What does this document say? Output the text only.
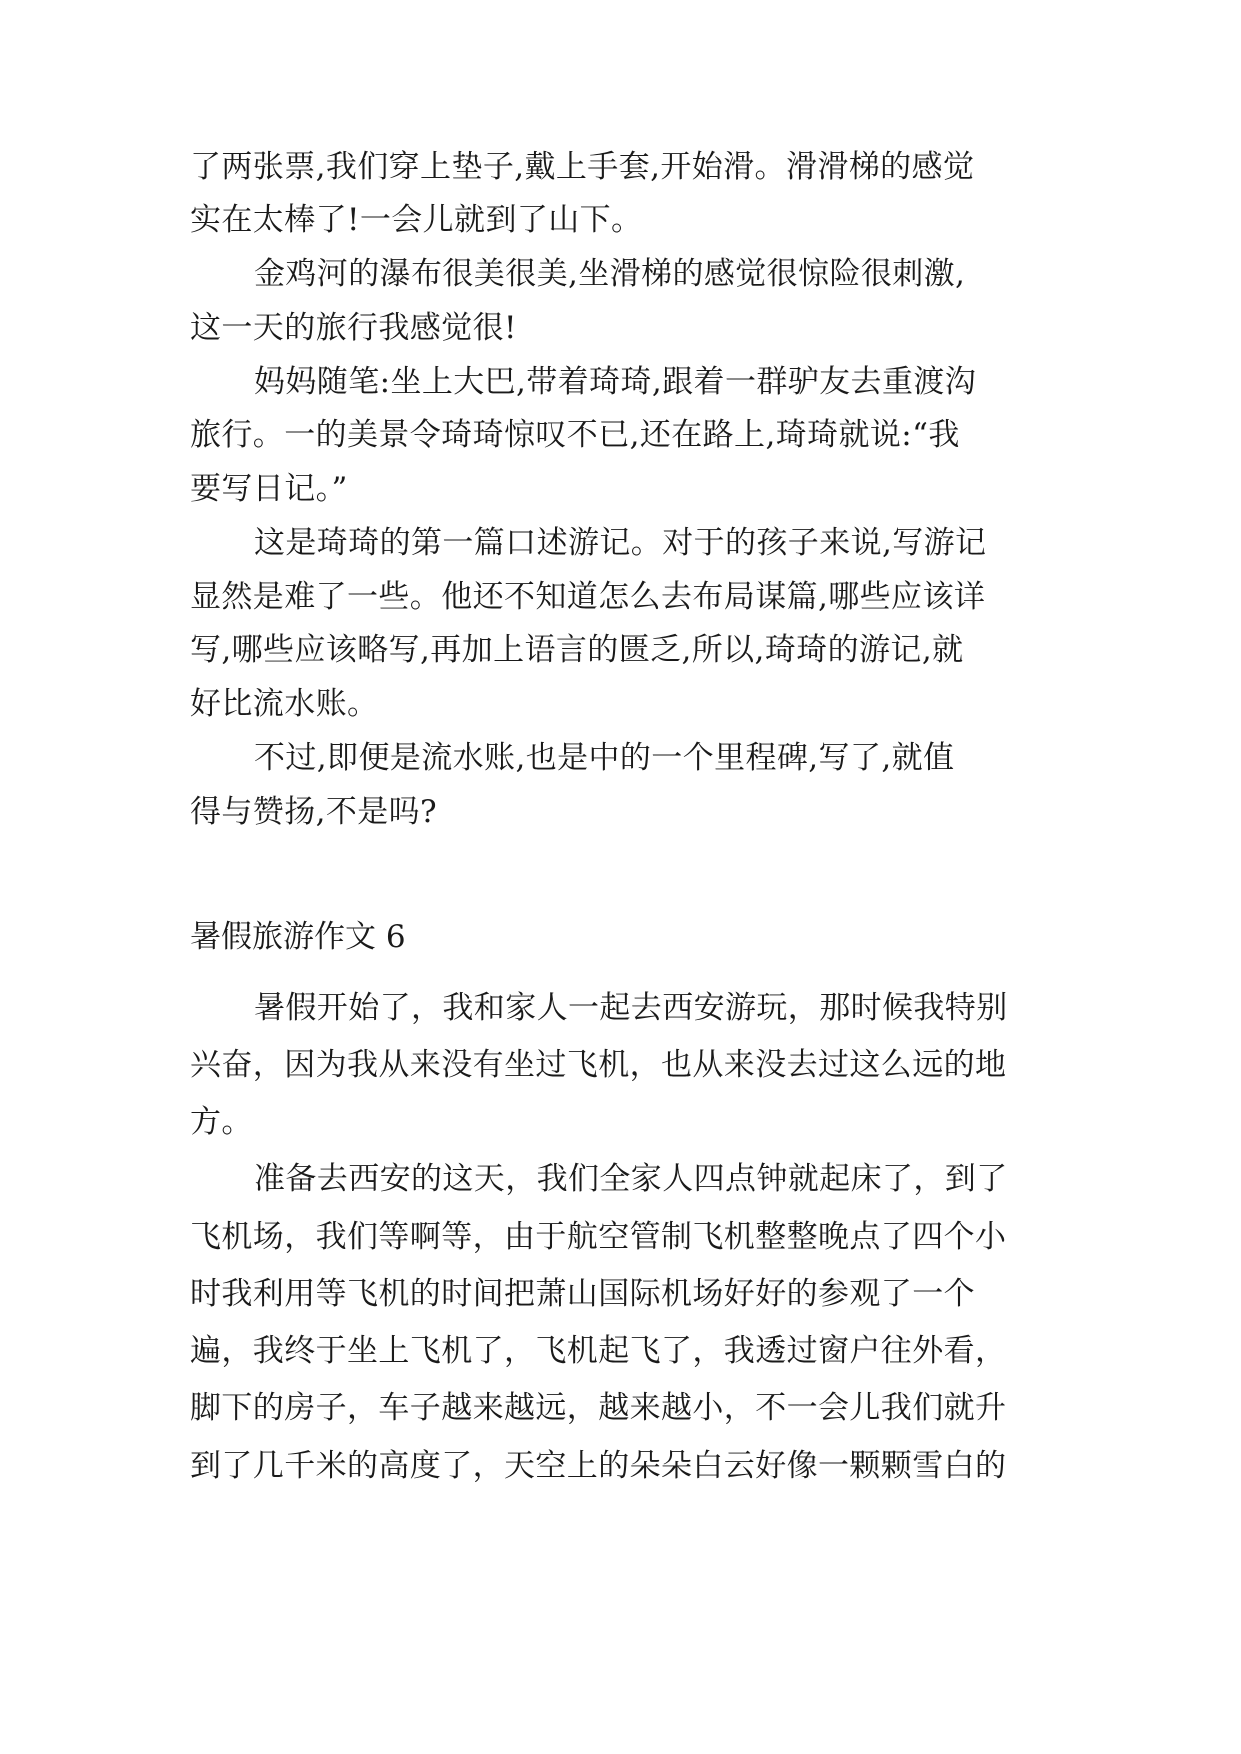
了两张票,我们穿上垫子,戴上手套,开始滑。滑滑梯的感觉

实在太棒了!一会儿就到了山下。

金鸡河的瀑布很美很美,坐滑梯的感觉很惊险很刺激,

这一天的旅行我感觉很!

妈妈随笔:坐上大巴,带着琦琦,跟着一群驴友去重渡沟

旅行。一的美景令琦琦惊叹不已,还在路上,琦琦就说:“我

要写日记。”

这是琦琦的第一篇口述游记。对于的孩子来说,写游记

显然是难了一些。他还不知道怎么去布局谋篇,哪些应该详

写,哪些应该略写,再加上语言的匮乏,所以,琦琦的游记,就

好比流水账。

不过,即便是流水账,也是中的一个里程碑,写了,就值

得与赞扬,不是吗?

暑假旅游作文 6

暑假开始了，我和家人一起去西安游玩，那时候我特别

兴奋，因为我从来没有坐过飞机，也从来没去过这么远的地

方。

准备去西安的这天，我们全家人四点钟就起床了，到了

飞机场，我们等啊等，由于航空管制飞机整整晚点了四个小

时我利用等飞机的时间把萧山国际机场好好的参观了一个

遍，我终于坐上飞机了，飞机起飞了，我透过窗户往外看，

脚下的房子，车子越来越远，越来越小，不一会儿我们就升

到了几千米的高度了，天空上的朵朵白云好像一颗颗雪白的
